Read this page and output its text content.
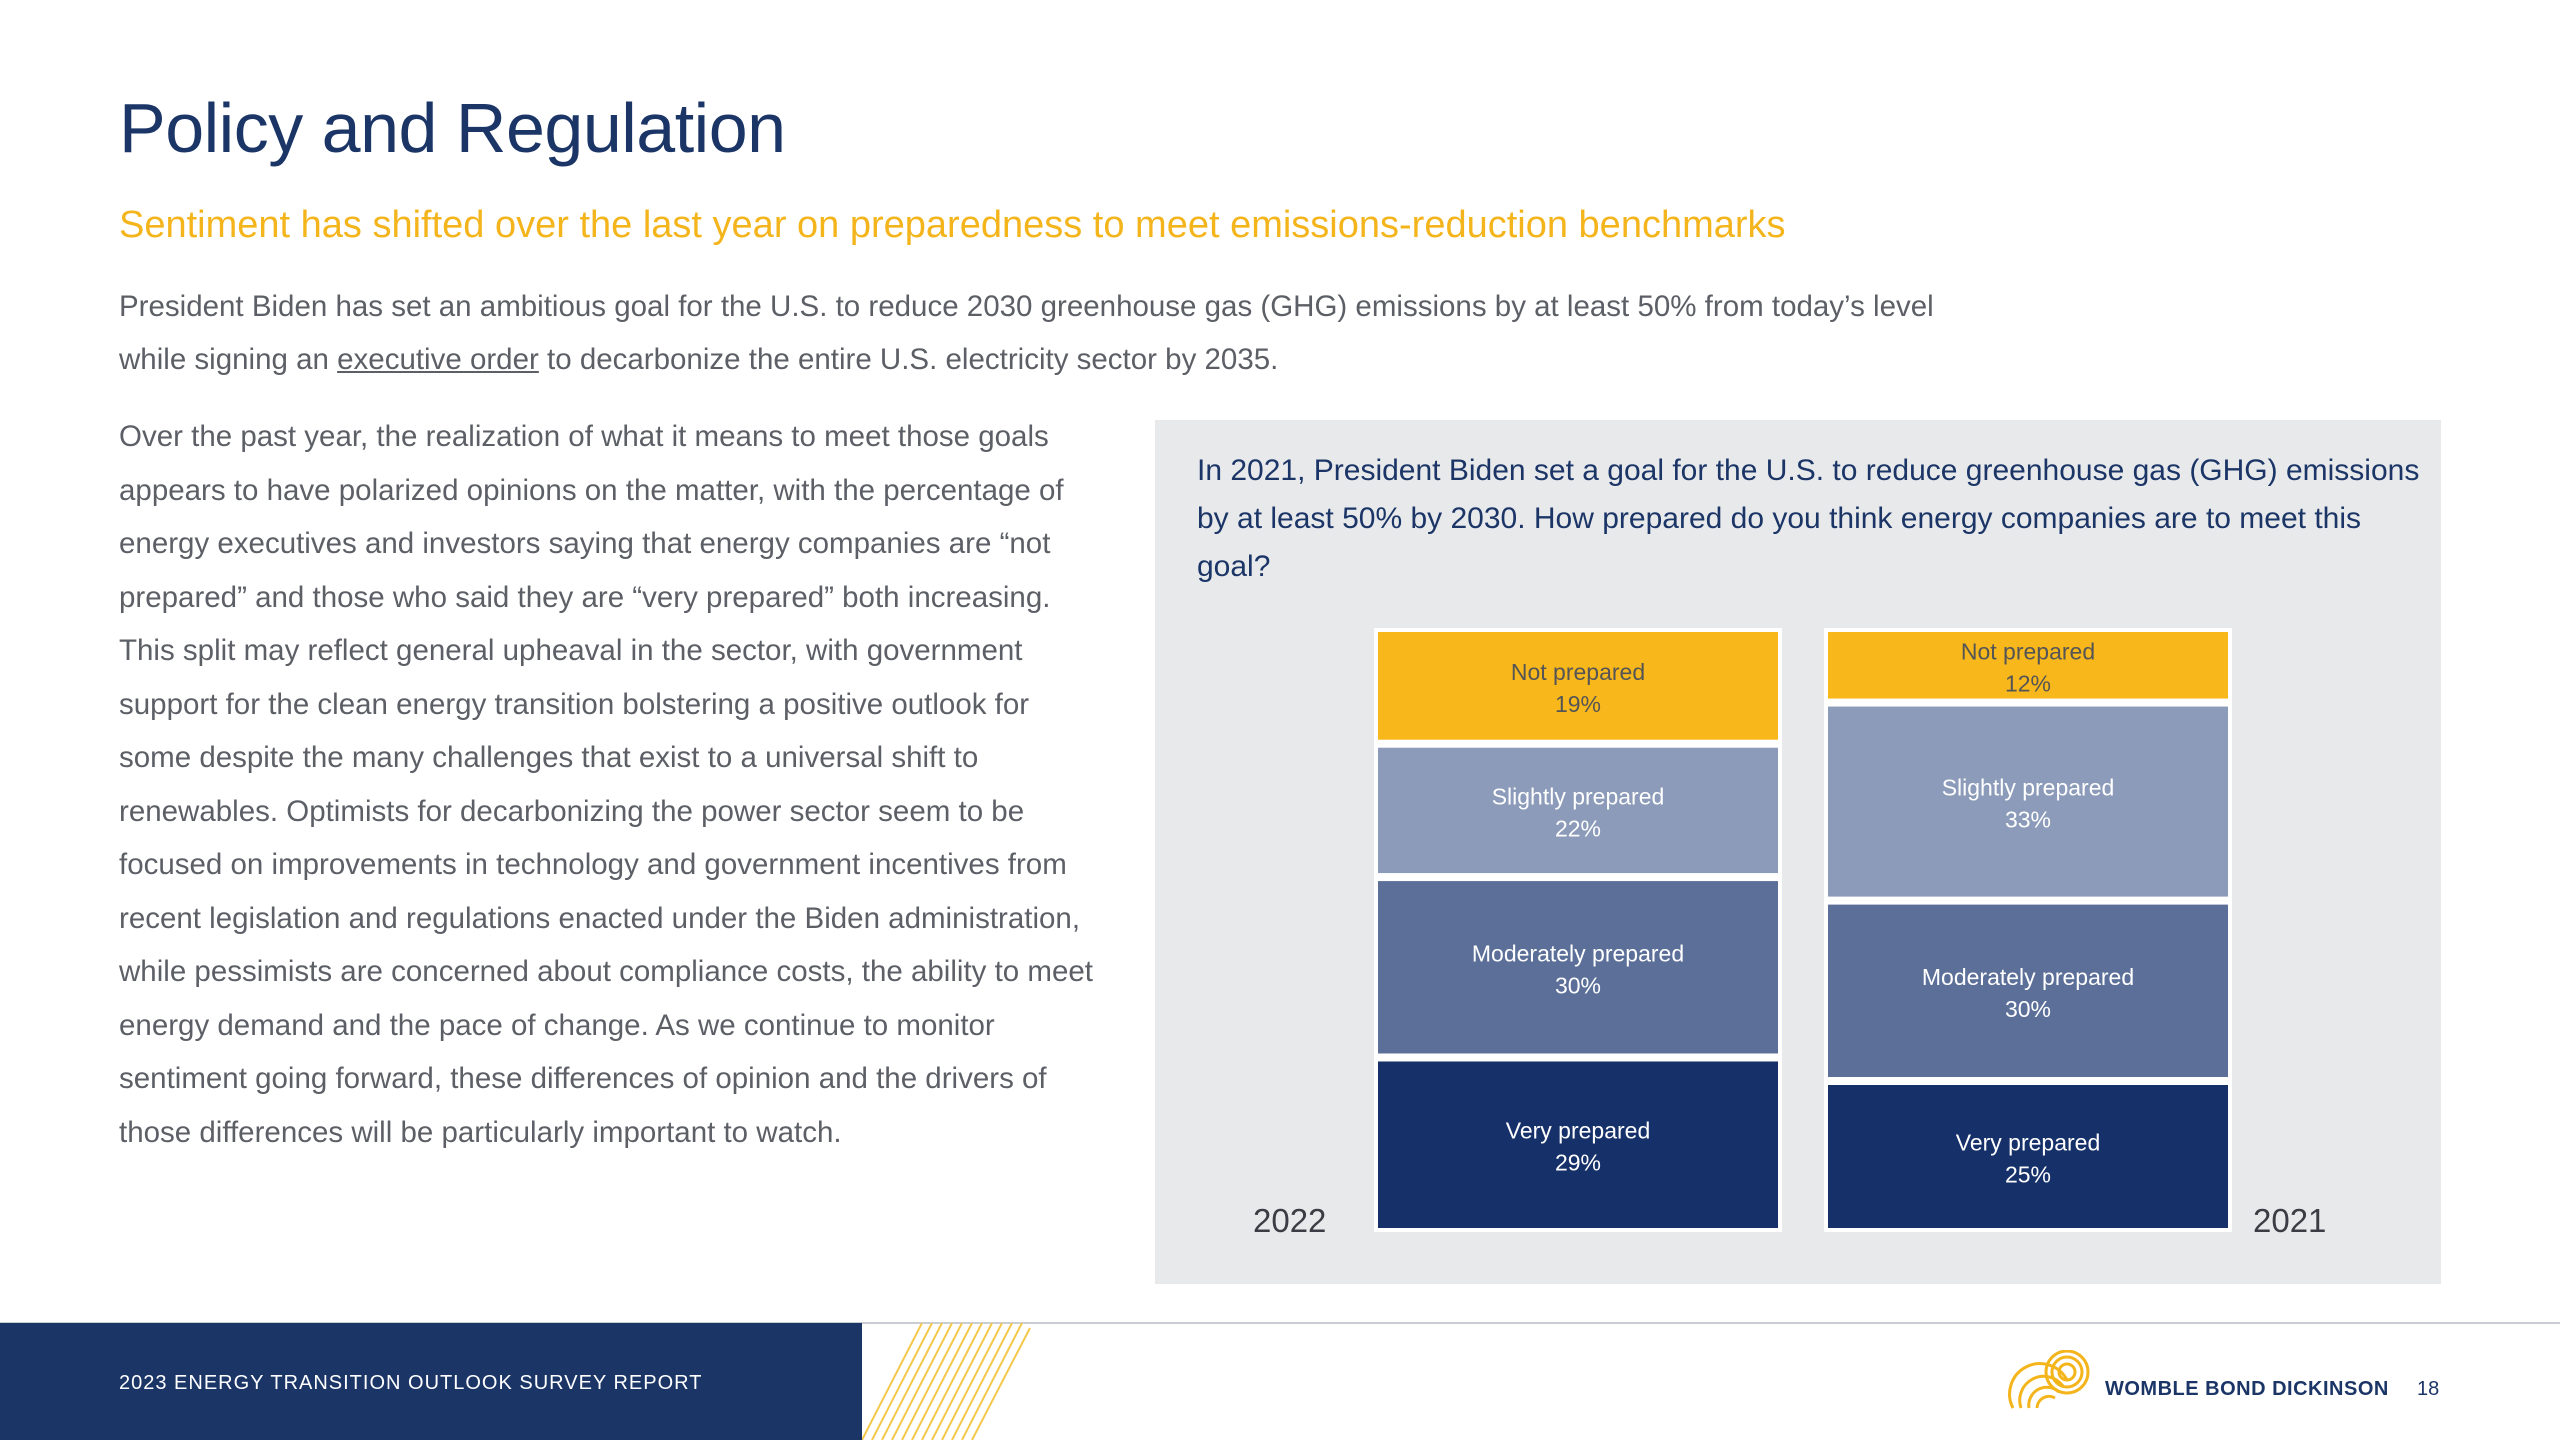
Policy and Regulation
Sentiment has shifted over the last year on preparedness to meet emissions-reduction benchmarks

President Biden has set an ambitious goal for the U.S. to reduce 2030 greenhouse gas (GHG) emissions by at least 50% from today’s level
while signing an executive order to decarbonize the entire U.S. electricity sector by 2035.

Over the past year, the realization of what it means to meet those goals appears to have polarized opinions on the matter, with the percentage of energy executives and investors saying that energy companies are “not prepared” and those who said they are “very prepared” both increasing. This split may reflect general upheaval in the sector, with government support for the clean energy transition bolstering a positive outlook for some despite the many challenges that exist to a universal shift to renewables. Optimists for decarbonizing the power sector seem to be focused on improvements in technology and government incentives from recent legislation and regulations enacted under the Biden administration, while pessimists are concerned about compliance costs, the ability to meet energy demand and the pace of change. As we continue to monitor sentiment going forward, these differences of opinion and the drivers of those differences will be particularly important to watch.

In 2021, President Biden set a goal for the U.S. to reduce greenhouse gas (GHG) emissions by at least 50% by 2030. How prepared do you think energy companies are to meet this goal?

Very prepared
29%
Moderately prepared
30%
Slightly prepared
22%
Not prepared
19%
Very prepared
25%
Moderately prepared
30%
Slightly prepared
33%
Not prepared
12%
2022	2021
2023 ENERGY TRANSITION OUTLOOK SURVEY REPORT	WOMBLE BOND DICKINSON 18
